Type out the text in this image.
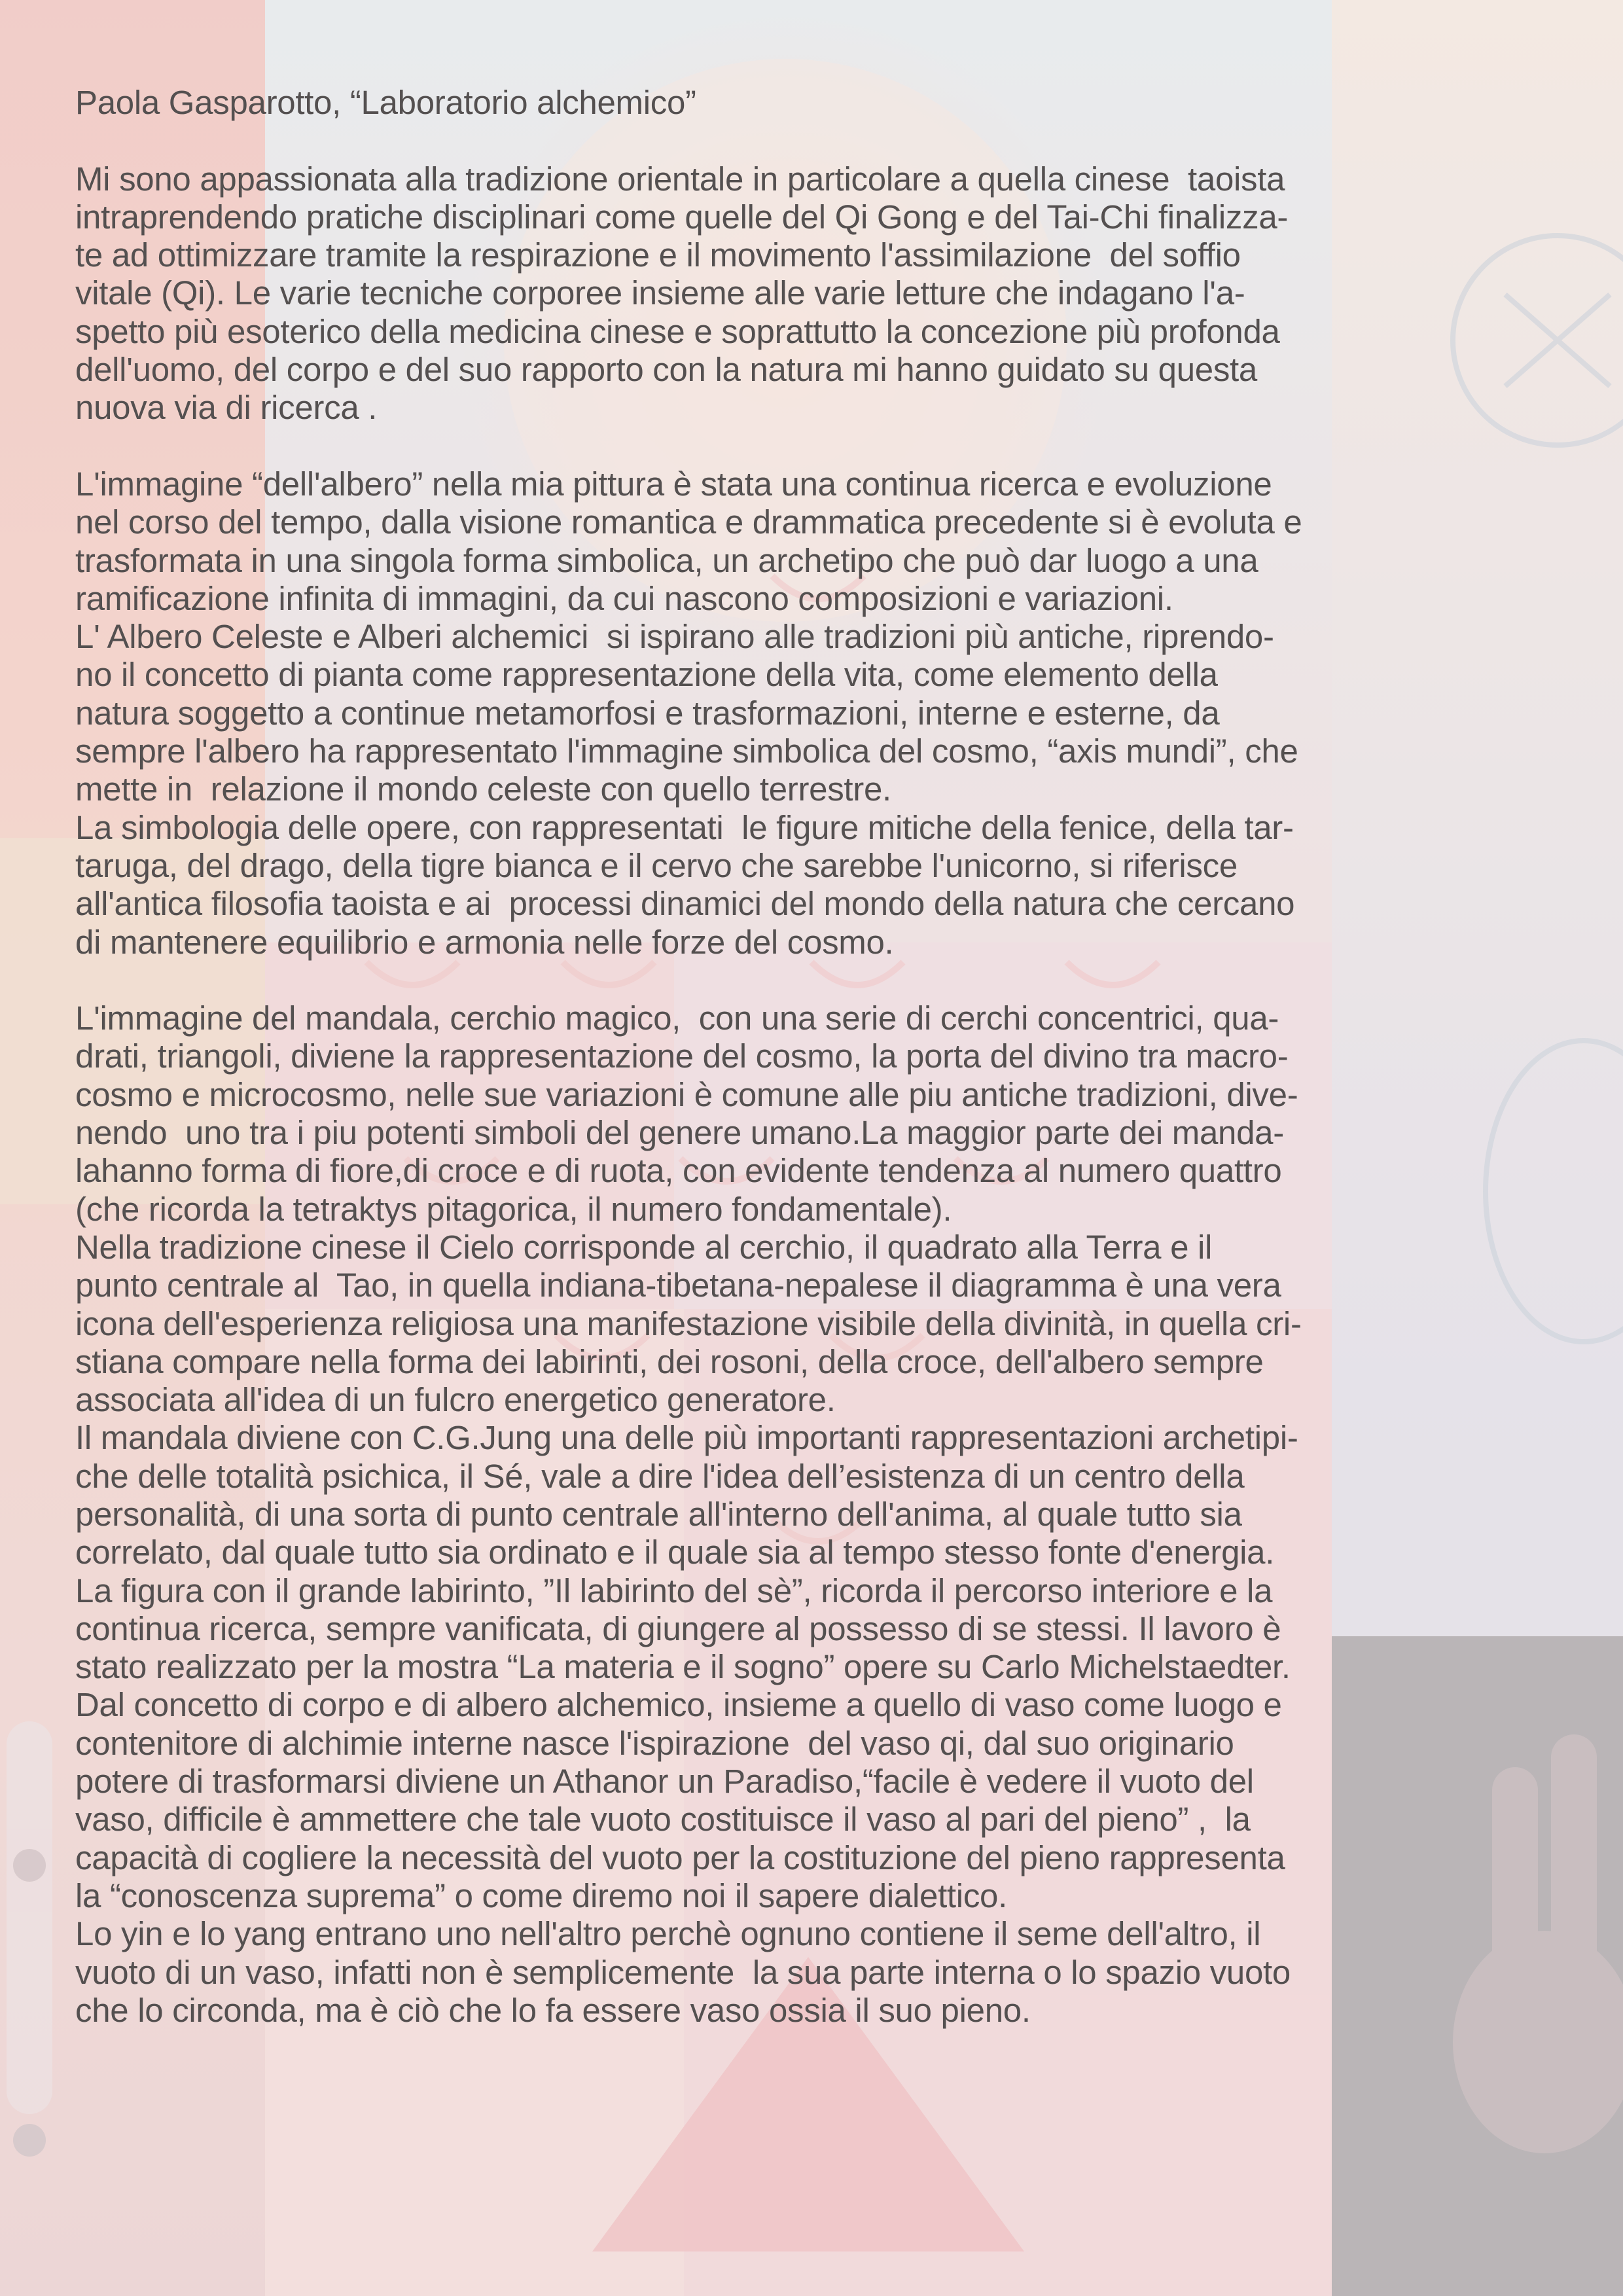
Paola Gasparotto, “Laboratorio alchemico”
Mi sono appassionata alla tradizione orientale in particolare a quella cinese  taoista
intraprendendo pratiche disciplinari come quelle del Qi Gong e del Tai-Chi finalizza-
te ad ottimizzare tramite la respirazione e il movimento l'assimilazione  del soffio
vitale (Qi). Le varie tecniche corporee insieme alle varie letture che indagano l'a-
spetto più esoterico della medicina cinese e soprattutto la concezione più profonda
dell'uomo, del corpo e del suo rapporto con la natura mi hanno guidato su questa
nuova via di ricerca .
L'immagine “dell'albero” nella mia pittura è stata una continua ricerca e evoluzione
nel corso del tempo, dalla visione romantica e drammatica precedente si è evoluta e
trasformata in una singola forma simbolica, un archetipo che può dar luogo a una
ramificazione infinita di immagini, da cui nascono composizioni e variazioni.
L' Albero Celeste e Alberi alchemici  si ispirano alle tradizioni più antiche, riprendo-
no il concetto di pianta come rappresentazione della vita, come elemento della
natura soggetto a continue metamorfosi e trasformazioni, interne e esterne, da
sempre l'albero ha rappresentato l'immagine simbolica del cosmo, “axis mundi”, che
mette in  relazione il mondo celeste con quello terrestre.
La simbologia delle opere, con rappresentati  le figure mitiche della fenice, della tar-
taruga, del drago, della tigre bianca e il cervo che sarebbe l'unicorno, si riferisce
all'antica filosofia taoista e ai  processi dinamici del mondo della natura che cercano
di mantenere equilibrio e armonia nelle forze del cosmo.
L'immagine del mandala, cerchio magico,  con una serie di cerchi concentrici, qua-
drati, triangoli, diviene la rappresentazione del cosmo, la porta del divino tra macro-
cosmo e microcosmo, nelle sue variazioni è comune alle piu antiche tradizioni, dive-
nendo  uno tra i piu potenti simboli del genere umano.La maggior parte dei manda-
lahanno forma di fiore,di croce e di ruota, con evidente tendenza al numero quattro
(che ricorda la tetraktys pitagorica, il numero fondamentale).
Nella tradizione cinese il Cielo corrisponde al cerchio, il quadrato alla Terra e il
punto centrale al  Tao, in quella indiana-tibetana-nepalese il diagramma è una vera
icona dell'esperienza religiosa una manifestazione visibile della divinità, in quella cri-
stiana compare nella forma dei labirinti, dei rosoni, della croce, dell'albero sempre
associata all'idea di un fulcro energetico generatore.
Il mandala diviene con C.G.Jung una delle più importanti rappresentazioni archetipi-
che delle totalità psichica, il Sé, vale a dire l'idea dell’esistenza di un centro della
personalità, di una sorta di punto centrale all'interno dell'anima, al quale tutto sia
correlato, dal quale tutto sia ordinato e il quale sia al tempo stesso fonte d'energia.
La figura con il grande labirinto, ”Il labirinto del sè”, ricorda il percorso interiore e la
continua ricerca, sempre vanificata, di giungere al possesso di se stessi. Il lavoro è
stato realizzato per la mostra “La materia e il sogno” opere su Carlo Michelstaedter.
Dal concetto di corpo e di albero alchemico, insieme a quello di vaso come luogo e
contenitore di alchimie interne nasce l'ispirazione  del vaso qi, dal suo originario
potere di trasformarsi diviene un Athanor un Paradiso,“facile è vedere il vuoto del
vaso, difficile è ammettere che tale vuoto costituisce il vaso al pari del pieno” ,  la
capacità di cogliere la necessità del vuoto per la costituzione del pieno rappresenta
la “conoscenza suprema” o come diremo noi il sapere dialettico.
Lo yin e lo yang entrano uno nell'altro perchè ognuno contiene il seme dell'altro, il
vuoto di un vaso, infatti non è semplicemente  la sua parte interna o lo spazio vuoto
che lo circonda, ma è ciò che lo fa essere vaso ossia il suo pieno.
